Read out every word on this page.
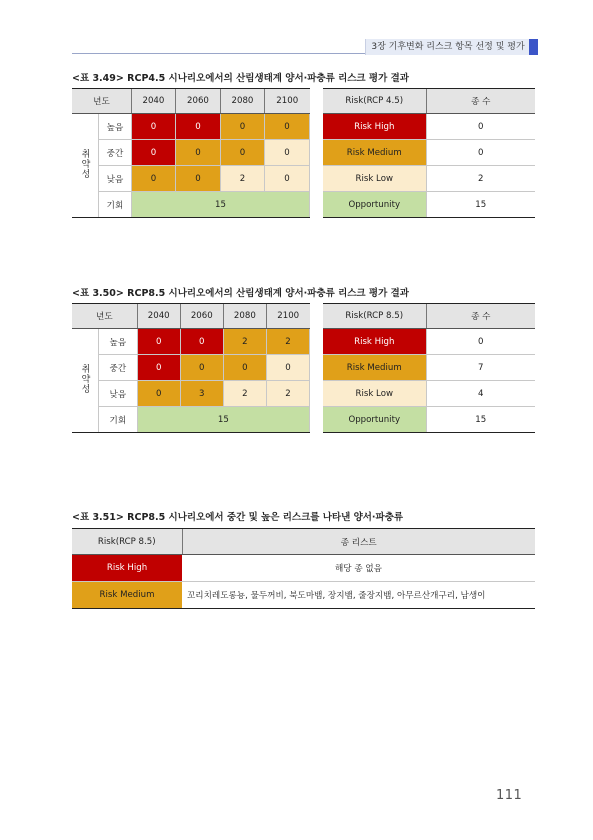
3장 기후변화 리스크 항목 선정 및 평가
<표 3.49> RCP4.5 시나리오에서의 산림생태계 양서·파충류 리스크 평가 결과
년도		2040	2060	2080	2100
취약성	높음	0	0	0	0
	중간	0	0	0	0
	낮음	0	0	2	0
	기회	15			
Risk(RCP 4.5)	종 수
Risk High	0
Risk Medium	0
Risk Low	2
Opportunity	15
<표 3.50> RCP8.5 시나리오에서의 산림생태계 양서·파충류 리스크 평가 결과
년도		2040	2060	2080	2100
취약성	높음	0	0	2	2
	중간	0	0	0	0
	낮음	0	3	2	2
	기회	15			
Risk(RCP 8.5)	종 수
Risk High	0
Risk Medium	7
Risk Low	4
Opportunity	15
<표 3.51> RCP8.5 시나리오에서 중간 및 높은 리스크를 나타낸 양서·파충류
Risk(RCP 8.5)	종 리스트
Risk High	해당 종 없음
Risk Medium	꼬리치레도롱뇽, 물두꺼비, 북도마뱀, 장지뱀, 줄장지뱀, 아무르산개구리, 남생이
111
